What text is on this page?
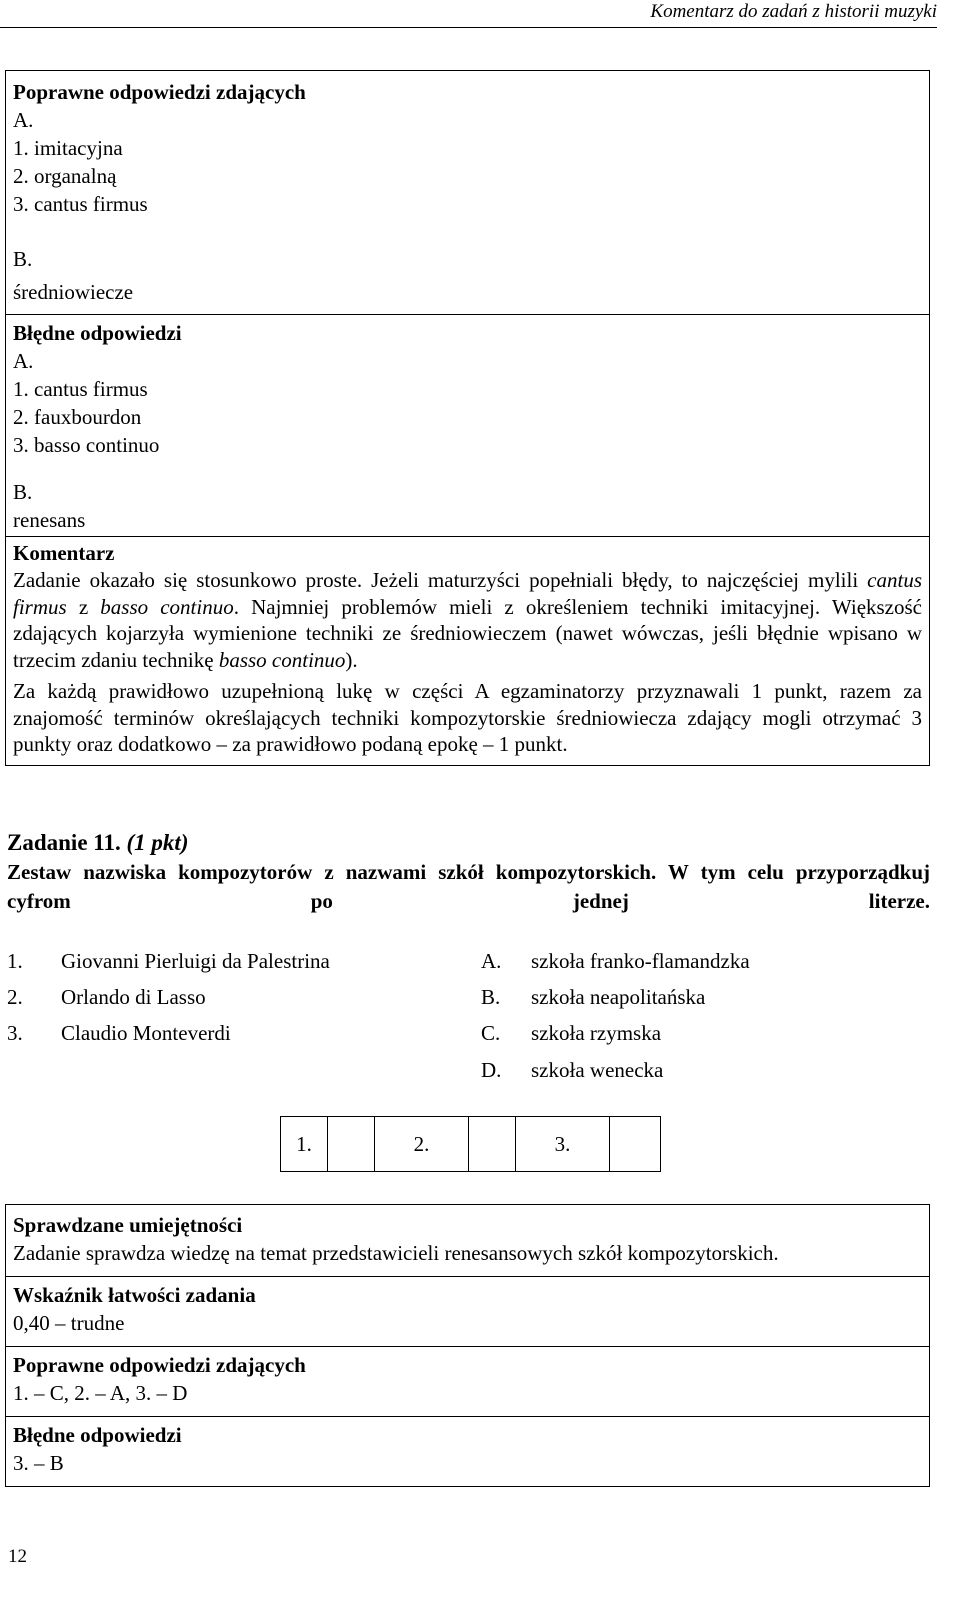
Komentarz do zadań z historii muzyki
Poprawne odpowiedzi zdających
A.
1. imitacyjna
2. organalną
3. cantus firmus
B.
średniowiecze
Błędne odpowiedzi
A.
1. cantus firmus
2. fauxbourdon
3. basso continuo
B.
renesans
Komentarz
Zadanie okazało się stosunkowo proste. Jeżeli maturzyści popełniali błędy, to najczęściej mylili cantus firmus z basso continuo. Najmniej problemów mieli z określeniem techniki imitacyjnej. Większość zdających kojarzyła wymienione techniki ze średniowieczem (nawet wówczas, jeśli błędnie wpisano w trzecim zdaniu technikę basso continuo).
Za każdą prawidłowo uzupełnioną lukę w części A egzaminatorzy przyznawali 1 punkt, razem za znajomość terminów określających techniki kompozytorskie średniowiecza zdający mogli otrzymać 3 punkty oraz dodatkowo – za prawidłowo podaną epokę – 1 punkt.
Zadanie 11. (1 pkt)
Zestaw nazwiska kompozytorów z nazwami szkół kompozytorskich. W tym celu przyporządkuj cyfrom po jednej literze.
1.	Giovanni Pierluigi da Palestrina
2.	Orlando di Lasso
3.	Claudio Monteverdi
A.	szkoła franko-flamandzka
B.	szkoła neapolitańska
C.	szkoła rzymska
D.	szkoła wenecka
1.	2.	3.
Sprawdzane umiejętności
Zadanie sprawdza wiedzę na temat przedstawicieli renesansowych szkół kompozytorskich.
Wskaźnik łatwości zadania
0,40 – trudne
Poprawne odpowiedzi zdających
1. – C, 2. – A, 3. – D
Błędne odpowiedzi
3. – B
12
